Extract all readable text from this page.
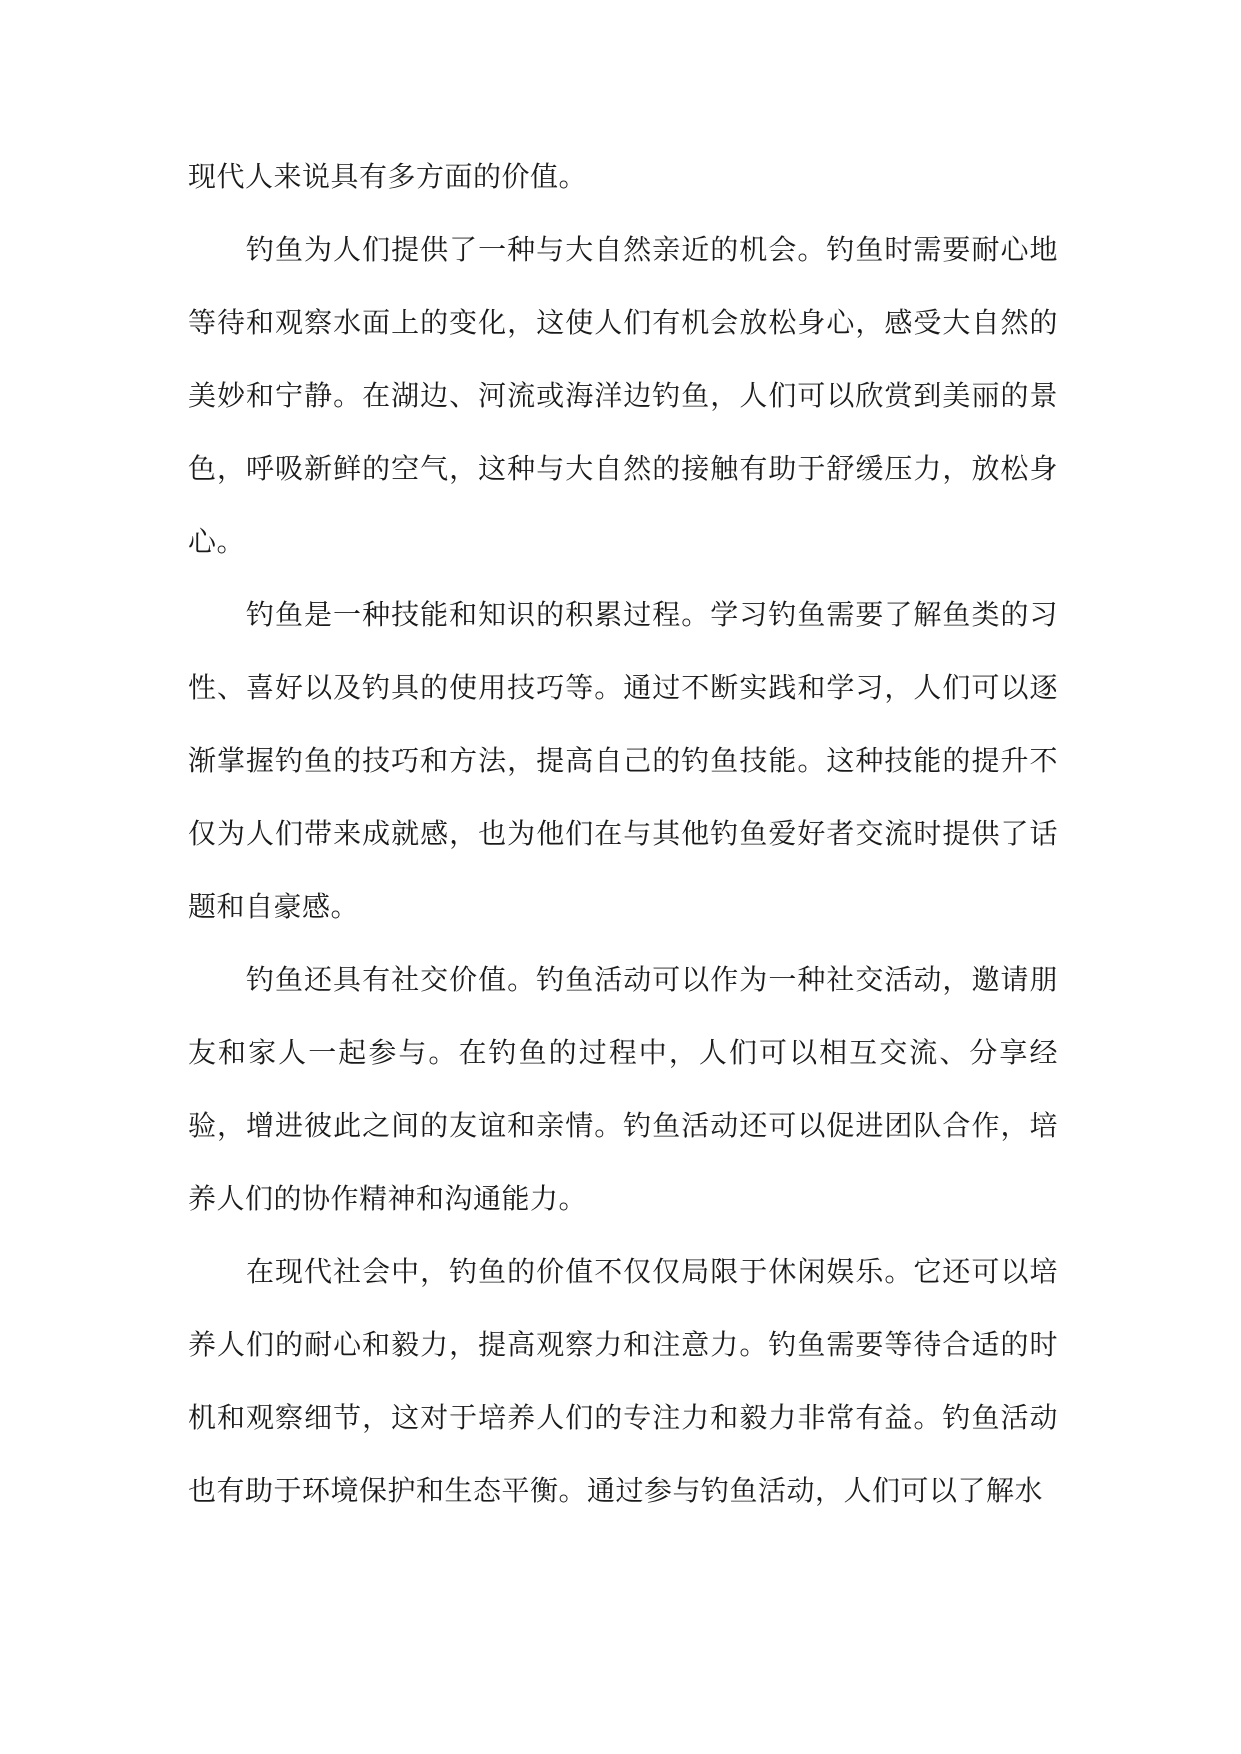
现代人来说具有多方面的价值。

钓鱼为人们提供了一种与大自然亲近的机会。钓鱼时需要耐心地等待和观察水面上的变化，这使人们有机会放松身心，感受大自然的美妙和宁静。在湖边、河流或海洋边钓鱼，人们可以欣赏到美丽的景色，呼吸新鲜的空气，这种与大自然的接触有助于舒缓压力，放松身心。

钓鱼是一种技能和知识的积累过程。学习钓鱼需要了解鱼类的习性、喜好以及钓具的使用技巧等。通过不断实践和学习，人们可以逐渐掌握钓鱼的技巧和方法，提高自己的钓鱼技能。这种技能的提升不仅为人们带来成就感，也为他们在与其他钓鱼爱好者交流时提供了话题和自豪感。

钓鱼还具有社交价值。钓鱼活动可以作为一种社交活动，邀请朋友和家人一起参与。在钓鱼的过程中，人们可以相互交流、分享经验，增进彼此之间的友谊和亲情。钓鱼活动还可以促进团队合作，培养人们的协作精神和沟通能力。

在现代社会中，钓鱼的价值不仅仅局限于休闲娱乐。它还可以培养人们的耐心和毅力，提高观察力和注意力。钓鱼需要等待合适的时机和观察细节，这对于培养人们的专注力和毅力非常有益。钓鱼活动也有助于环境保护和生态平衡。通过参与钓鱼活动，人们可以了解水
